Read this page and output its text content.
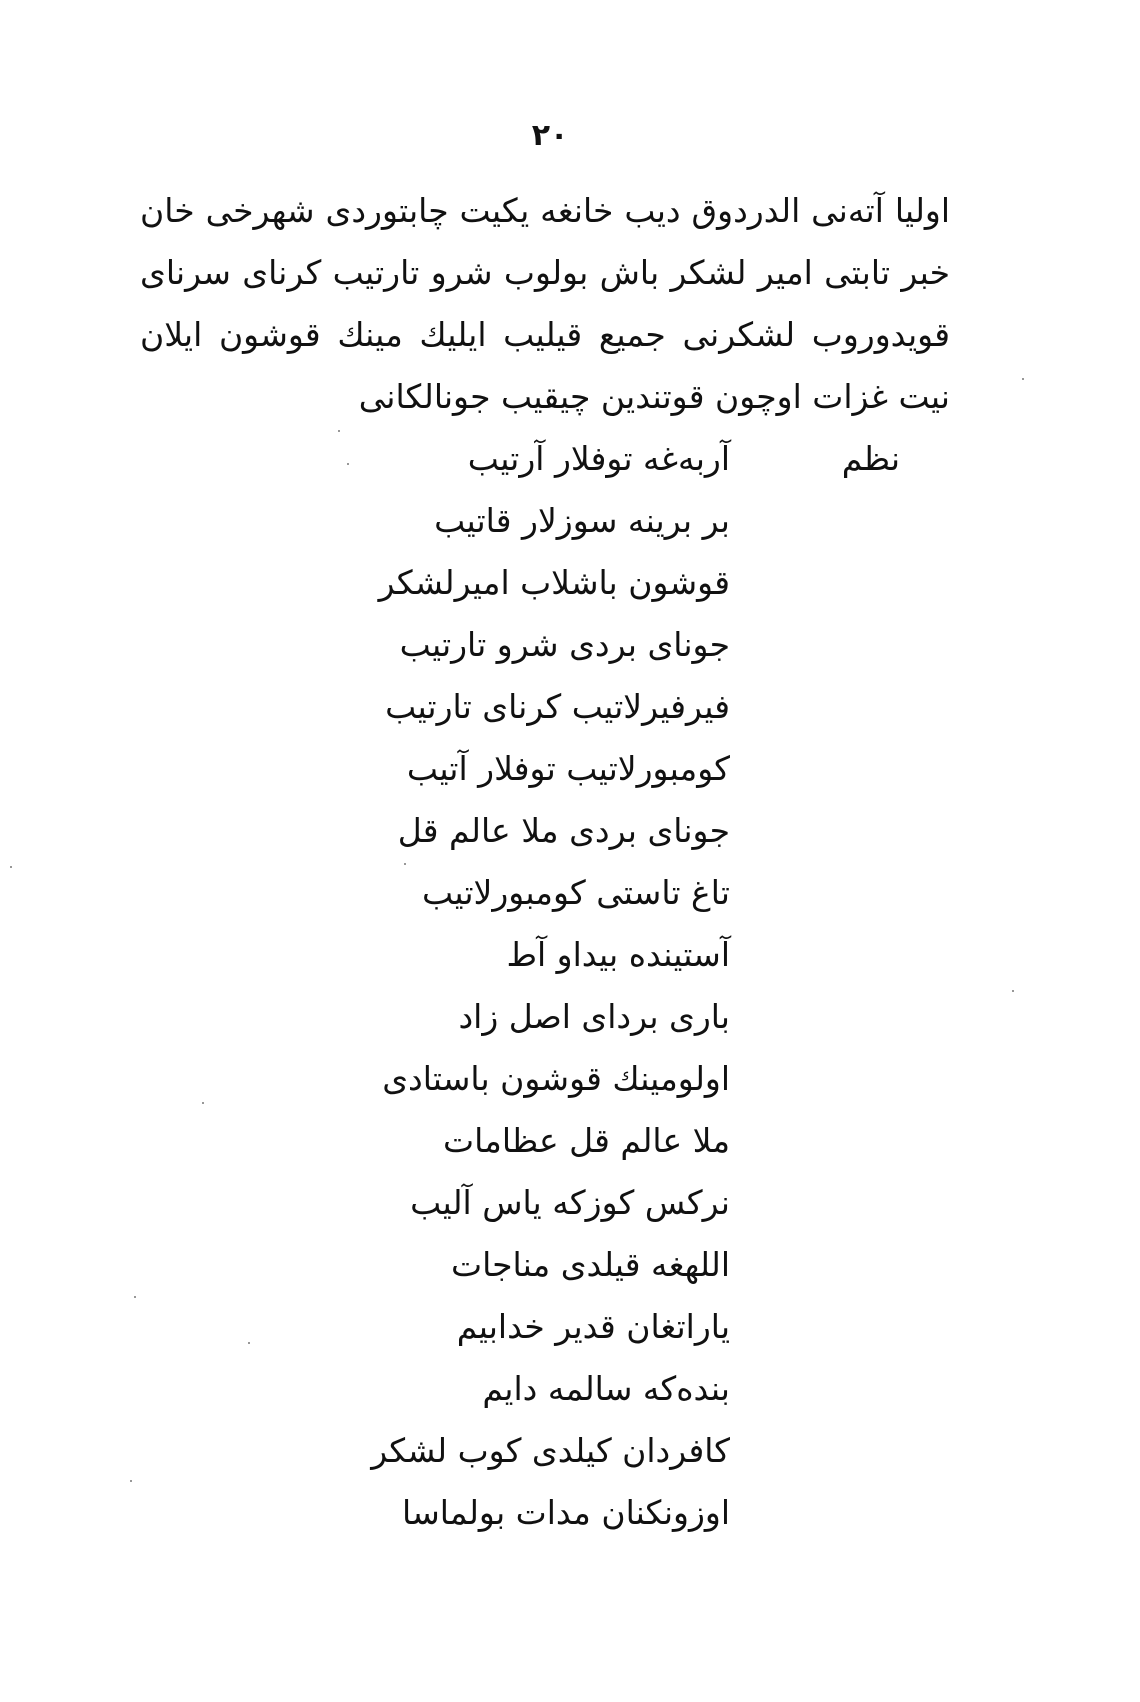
۲۰
اولیا آته‌نی الدردوق دیب خانغه یکیت چابتوردی شهرخی خان
خبر تابتی امیر لشکر باش بولوب شرو تارتیب کرنای سرنای
قویدوروب لشکرنی جمیع قیلیب ایلیك مینك قوشون ایلان
نیت غزات اوچون قوتندین چیقیب جونالکانی
نظم
آربه‌غه توفلار آرتیب
بر برینه سوزلار قاتیب
قوشون باشلاب امیرلشکر
جونای بردی شرو تارتیب
فیرفیرلاتیب کرنای تارتیب
کومبورلاتیب توفلار آتیب
جونای بردی ملا عالم قل
تاغ تاستی کومبورلاتیب
آستینده بیداو آط
باری بردای اصل زاد
اولومینك قوشون باستادی
ملا عالم قل عظامات
نرکس کوزکه یاس آلیب
اللهغه قیلدی مناجات
یاراتغان قدیر خدابیم
بنده‌که سالمه دایم
کافردان کیلدی کوب لشکر
اوزونکنان مدات بولماسا
